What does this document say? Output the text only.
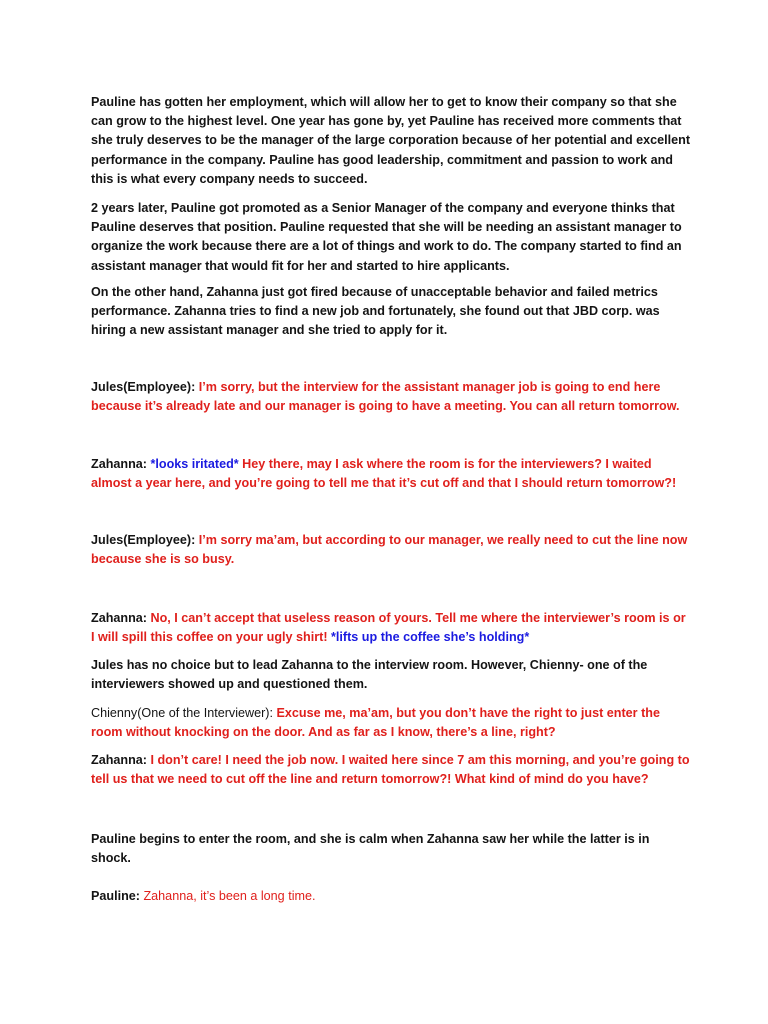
Pauline has gotten her employment, which will allow her to get to know their company so that she can grow to the highest level. One year has gone by, yet Pauline has received more comments that she truly deserves to be the manager of the large corporation because of her potential and excellent performance in the company. Pauline has good leadership, commitment and passion to work and this is what every company needs to succeed.

2 years later, Pauline got promoted as a Senior Manager of the company and everyone thinks that Pauline deserves that position. Pauline requested that she will be needing an assistant manager to organize the work because there are a lot of things and work to do. The company started to find an assistant manager that would fit for her and started to hire applicants.

On the other hand, Zahanna just got fired because of unacceptable behavior and failed metrics performance. Zahanna tries to find a new job and fortunately, she found out that JBD corp. was hiring a new assistant manager and she tried to apply for it.

Jules(Employee): I’m sorry, but the interview for the assistant manager job is going to end here because it’s already late and our manager is going to have a meeting. You can all return tomorrow.

Zahanna: *looks iritated* Hey there, may I ask where the room is for the interviewers? I waited almost a year here, and you’re going to tell me that it’s cut off and that I should return tomorrow?!

Jules(Employee): I’m sorry ma’am, but according to our manager, we really need to cut the line now because she is so busy.

Zahanna: No, I can’t accept that useless reason of yours. Tell me where the interviewer’s room is or I will spill this coffee on your ugly shirt! *lifts up the coffee she’s holding*

Jules has no choice but to lead Zahanna to the interview room. However, Chienny- one of the interviewers showed up and questioned them.

Chienny(One of the Interviewer): Excuse me, ma’am, but you don’t have the right to just enter the room without knocking on the door. And as far as I know, there’s a line, right?

Zahanna: I don’t care! I need the job now. I waited here since 7 am this morning, and you’re going to tell us that we need to cut off the line and return tomorrow?! What kind of mind do you have?

Pauline begins to enter the room, and she is calm when Zahanna saw her while the latter is in shock.

Pauline: Zahanna, it’s been a long time.
